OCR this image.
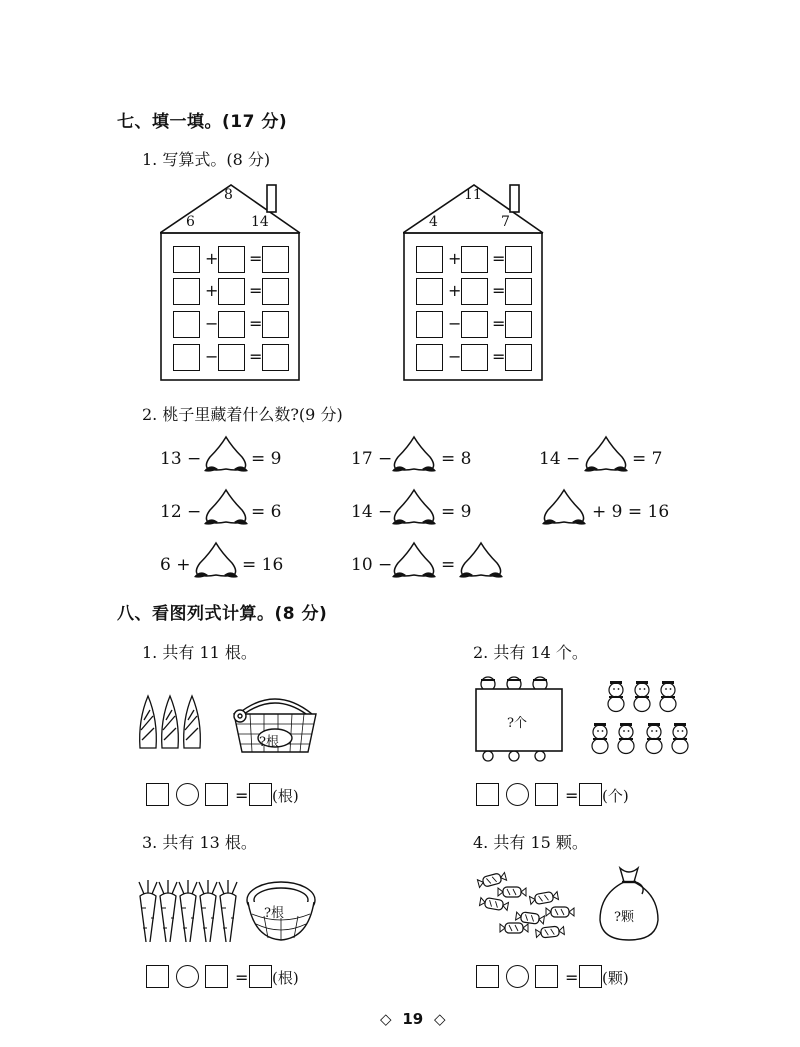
七、填一填。(17 分)
1. 写算式。(8 分)
8
6	14
+ =
+ =
− =
− =
11
4	7
+ =
+ =
− =
− =
2. 桃子里藏着什么数?(9 分)
13 −	= 9	17 −	= 8	14 −	= 7
12 −	= 6	14 −	= 9	+ 9 = 16
6 +	= 16	10 −	=
八、看图列式计算。(8 分)
1. 共有 11 根。	2. 共有 14 个。
?根
?个
= (根)	= (个)
3. 共有 13 根。	4. 共有 15 颗。
?根	?颗
= (根)	= (颗)
◇ 19 ◇
